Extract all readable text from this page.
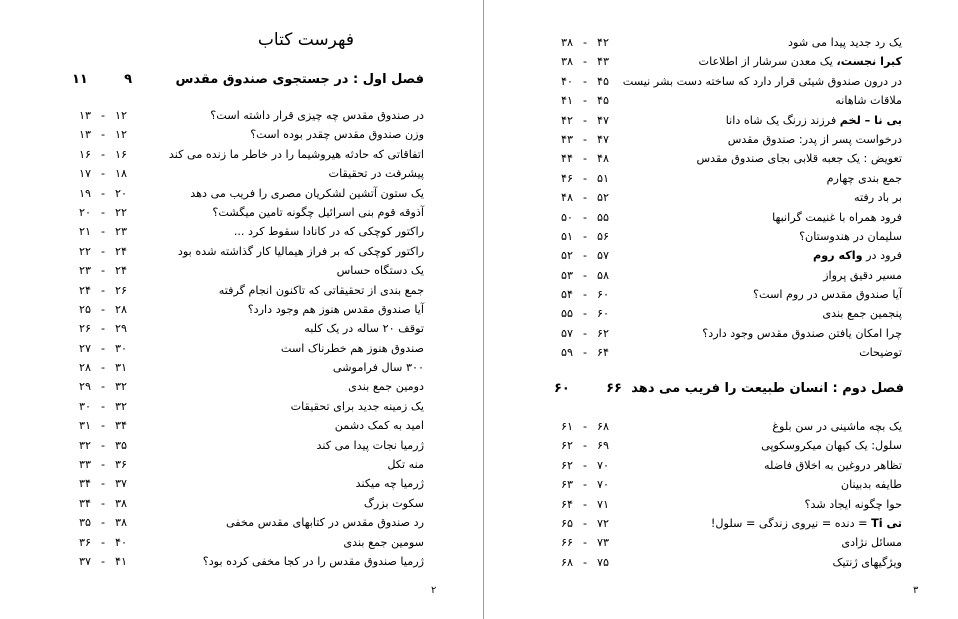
فهرست کتاب
فصل اول : در جستجوی صندوق مقدس
۱۱	۹
در صندوق مقدس چه چیزی قرار داشته است؟
۱۳ - ۱۲
وزن صندوق مقدس چقدر بوده است؟
۱۳ - ۱۲
اتفاقاتی که حادثه هیروشیما را در خاطر ما زنده می کند
۱۶ - ۱۶
پیشرفت در تحقیقات
۱۷ - ۱۸
یک ستون آتشین لشکریان مصری را فریب می دهد
۱۹ - ۲۰
آذوقه قوم بنی اسرائیل چگونه تامین میگشت؟
۲۰ - ۲۲
راکتور کوچکی که در کانادا سقوط کرد ...
۲۱ - ۲۳
راکتور کوچکی که بر فراز هیمالیا کار گذاشته شده بود
۲۲ - ۲۴
یک دستگاه حساس
۲۳ - ۲۴
جمع بندی از تحقیقاتی که تاکنون انجام گرفته
۲۴ - ۲۶
آیا صندوق مقدس هنوز هم وجود دارد؟
۲۵ - ۲۸
توقف ۲۰ ساله در یک کلبه
۲۶ - ۲۹
صندوق هنوز هم خطرناک است
۲۷ - ۳۰
۳۰۰ سال فراموشی
۲۸ - ۳۱
دومین جمع بندی
۲۹ - ۳۲
یک زمینه جدید برای تحقیقات
۳۰ - ۳۲
امید به کمک دشمن
۳۱ - ۳۴
ژرمیا نجات پیدا می کند
۳۲ - ۳۵
منه تکل
۳۳ - ۳۶
ژرمیا چه میکند
۳۴ - ۳۷
سکوت بزرگ
۳۴ - ۳۸
رد صندوق مقدس در کتابهای مقدس مخفی
۳۵ - ۳۸
سومین جمع بندی
۳۶ - ۴۰
ژرمیا صندوق مقدس را در کجا مخفی کرده بود؟
۳۷ - ۴۱
۲
یک رد جدید پیدا می شود
۳۸ - ۴۲
کبرا نجست، یک معدن سرشار از اطلاعات
۳۸ - ۴۳
در درون صندوق شیئی قرار دارد که ساخته دست بشر نیست
۴۰ - ۴۵
ملاقات شاهانه
۴۱ - ۴۵
بی نا – لخم فرزند زرنگ یک شاه دانا
۴۲ - ۴۷
درخواست پسر از پدر: صندوق مقدس
۴۳ - ۴۷
تعویض : یک جعبه قلابی بجای صندوق مقدس
۴۴ - ۴۸
جمع بندی چهارم
۴۶ - ۵۱
بر باد رفته
۴۸ - ۵۲
فرود همراه با غنیمت گرانبها
۵۰ - ۵۵
سلیمان در هندوستان؟
۵۱ - ۵۶
فرود در واکه روم
۵۲ - ۵۷
مسیر دقیق پرواز
۵۳ - ۵۸
آیا صندوق مقدس در روم است؟
۵۴ - ۶۰
پنجمین جمع بندی
۵۵ - ۶۰
چرا امکان یافتن صندوق مقدس وجود دارد؟
۵۷ - ۶۲
توضیحات
۵۹ - ۶۴
فصل دوم : انسان طبیعت را فریب می دهد
۶۰	۶۶
یک بچه ماشینی در سن بلوغ
۶۱ - ۶۸
سلول: یک کیهان میکروسکوپی
۶۲ - ۶۹
تظاهر دروغین به اخلاق فاضله
۶۲ - ۷۰
طایفه بدبینان
۶۳ - ۷۰
حوا چگونه ایجاد شد؟
۶۴ - ۷۱
تی Ti = دنده = نیروی زندگی = سلول!
۶۵ - ۷۲
مسائل نژادی
۶۶ - ۷۳
ویژگیهای ژنتیک
۶۸ - ۷۵
۳
